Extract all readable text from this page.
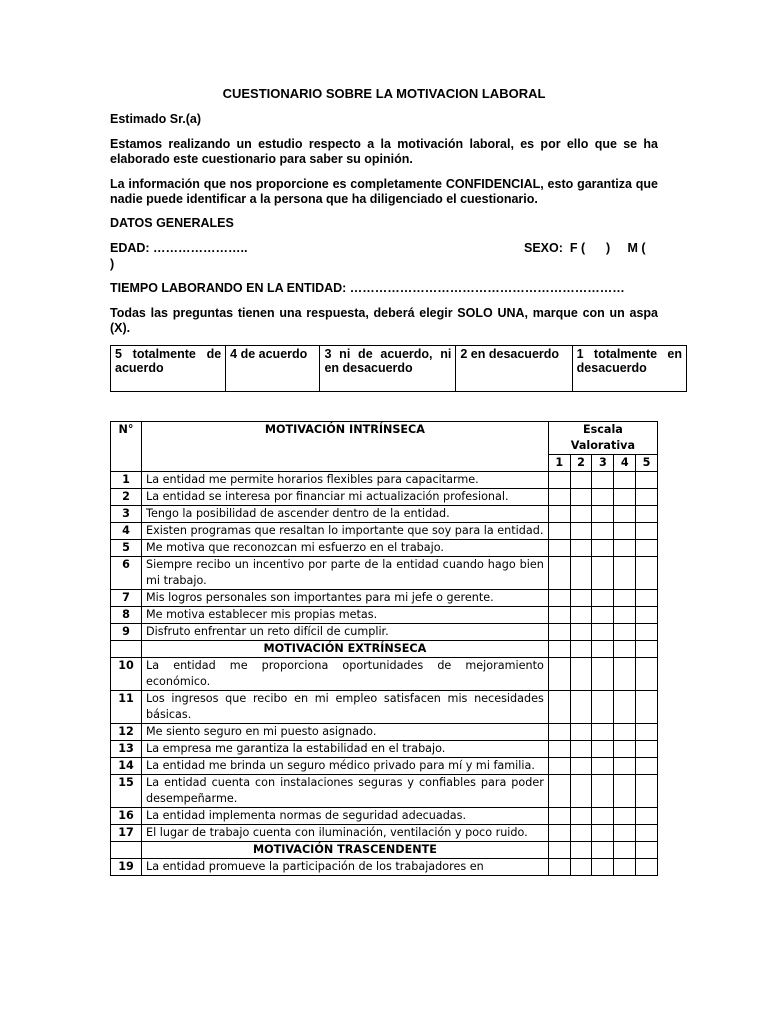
CUESTIONARIO SOBRE LA MOTIVACION LABORAL
Estimado Sr.(a)
Estamos realizando un estudio respecto a la motivación laboral, es por ello que se ha elaborado este cuestionario para saber su opinión.
La información que nos proporcione es completamente CONFIDENCIAL, esto garantiza que nadie puede identificar a la persona que ha diligenciado el cuestionario.
DATOS GENERALES
EDAD: …………………..	SEXO:  F (      )     M (
)
TIEMPO LABORANDO EN LA ENTIDAD: …………………………………………………………
Todas las preguntas tienen una respuesta, deberá elegir SOLO UNA, marque con un aspa (X).
5 totalmente de acuerdo	4 de acuerdo	3 ni de acuerdo, ni en desacuerdo	2 en desacuerdo	1 totalmente en desacuerdo
N°	MOTIVACIÓN INTRÍNSECA	Escala Valorativa				
		1	2	3	4	5
1	La entidad me permite horarios flexibles para capacitarme.					
2	La entidad se interesa por financiar mi actualización profesional.					
3	Tengo la posibilidad de ascender dentro de la entidad.					
4	Existen programas que resaltan lo importante que soy para la entidad.					
5	Me motiva que reconozcan mi esfuerzo en el trabajo.					
6	Siempre recibo un incentivo por parte de la entidad cuando hago bien mi trabajo.					
7	Mis logros personales son importantes para mi jefe o gerente.					
8	Me motiva establecer mis propias metas.					
9	Disfruto enfrentar un reto difícil de cumplir.					
	MOTIVACIÓN EXTRÍNSECA					
10	La entidad me proporciona oportunidades de mejoramiento económico.					
11	Los ingresos que recibo en mi empleo satisfacen mis necesidades básicas.					
12	Me siento seguro en mi puesto asignado.					
13	La empresa me garantiza la estabilidad en el trabajo.					
14	La entidad me brinda un seguro médico privado para mí y mi familia.					
15	La entidad cuenta con instalaciones seguras y confiables para poder desempeñarme.					
16	La entidad implementa normas de seguridad adecuadas.					
17	El lugar de trabajo cuenta con iluminación, ventilación y poco ruido.					
	MOTIVACIÓN TRASCENDENTE					
19	La entidad promueve la participación de los trabajadores en					
